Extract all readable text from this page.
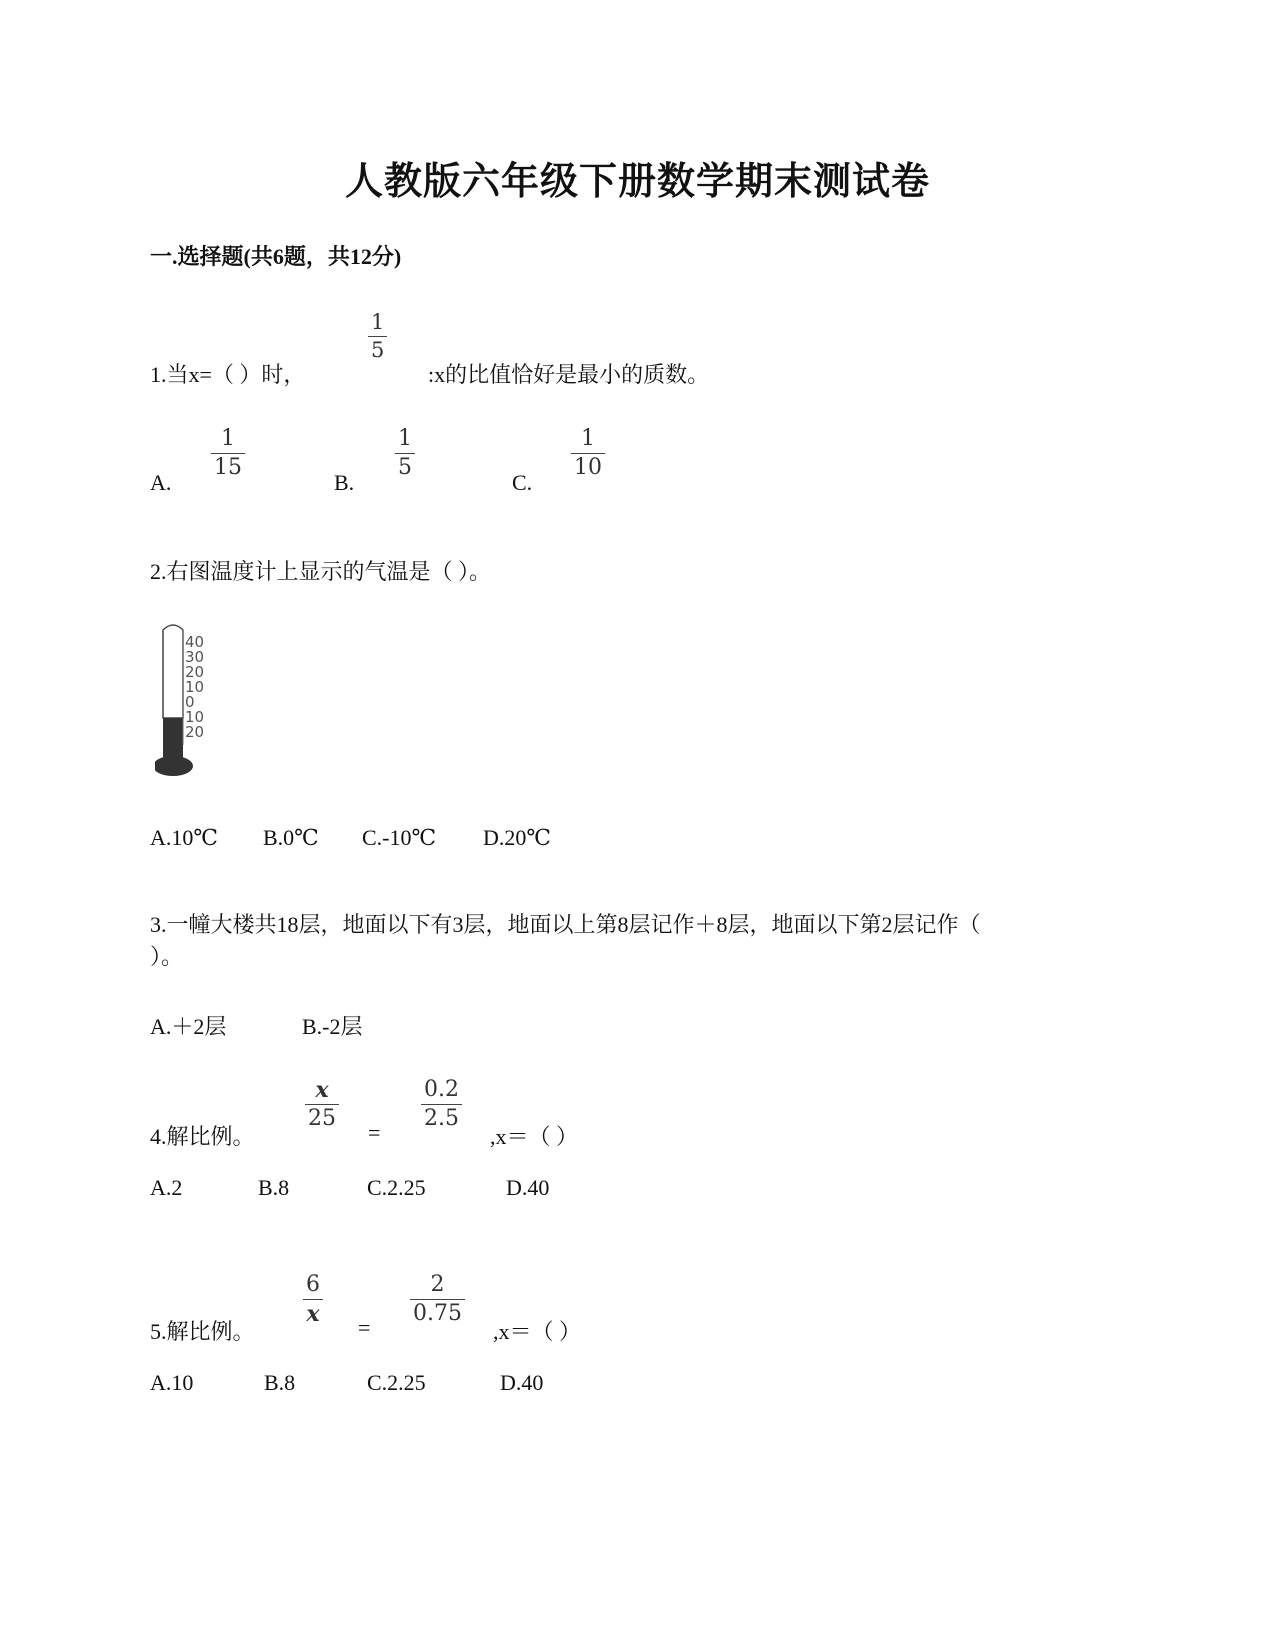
人教版六年级下册数学期末测试卷
一.选择题(共6题，共12分)
1.当x=（ ）时，
$\frac{1}{5}$
:x的比值恰好是最小的质数。
A.
$\frac{1}{15}$
B.
$\frac{1}{5}$
C.
$\frac{1}{10}$
2.右图温度计上显示的气温是（ ）。
40
30
20
10
0
10
20
A.10℃ B.0℃ C.-10℃ D.20℃
3.一幢大楼共18层，地面以下有3层，地面以上第8层记作＋8层，地面以下第2层记作（
）。
A.＋2层	B.-2层
4.解比例。
$\frac{x}{25}$
=
$\frac{0.2}{2.5}$
,x＝（ ）
A.2	B.8	C.2.25	D.40
5.解比例。
$\frac{6}{x}$
=
$\frac{2}{0.75}$
,x＝（ ）
A.10	B.8	C.2.25	D.40
